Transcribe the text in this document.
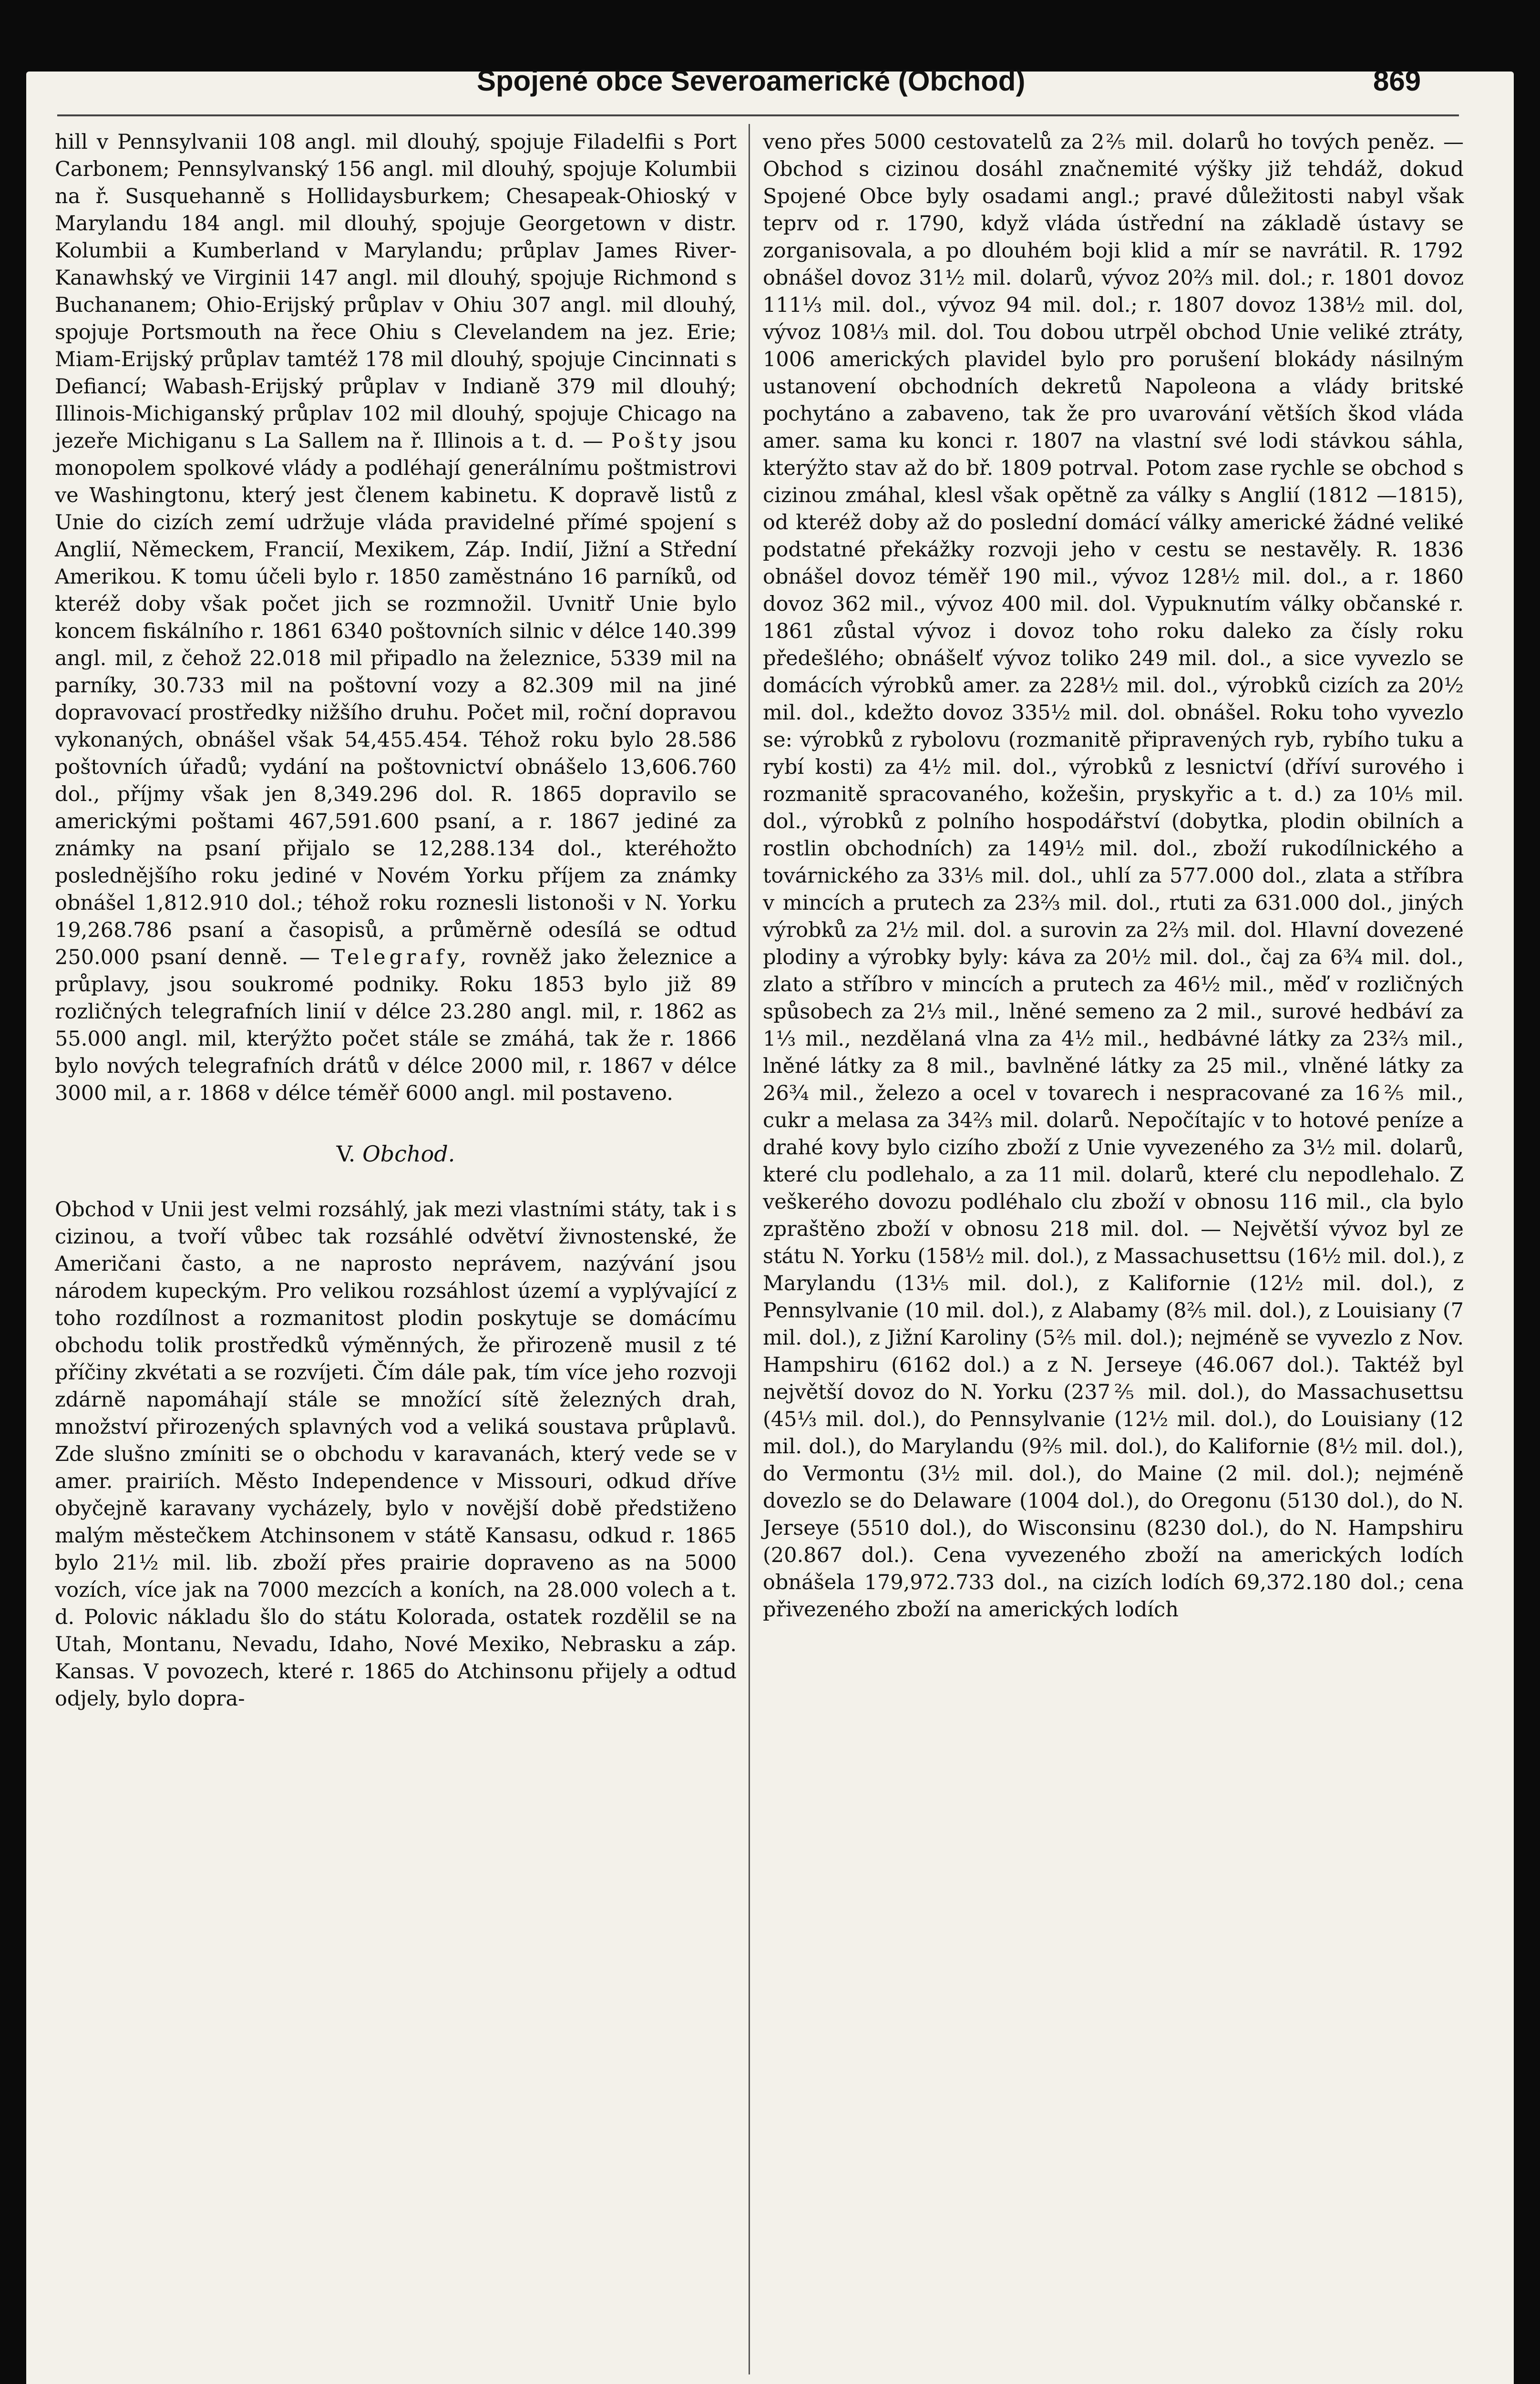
Spojené obce Severoamerické (Obchod)	869

hill v Pennsylvanii 108 angl. mil dlouhý, spojuje Filadelfii s Port Carbonem; Pennsylvanský 156 angl. mil dlouhý, spojuje Kolumbii na ř. Susquehanně s Hollidaysburkem; Chesapeak-Ohioský v Marylandu 184 angl. mil dlouhý, spojuje Georgetown v distr. Kolumbii a Kumberland v Marylandu; průplav James River-Kanawhský ve Virginii 147 angl. mil dlouhý, spojuje Richmond s Buchananem; Ohio-Erijský průplav v Ohiu 307 angl. mil dlouhý, spojuje Portsmouth na řece Ohiu s Clevelandem na jez. Erie; Miam-Erijský průplav tamtéž 178 mil dlouhý, spojuje Cincinnati s Defiancí; Wabash-Erijský průplav v Indianě 379 mil dlouhý; Illinois-Michiganský průplav 102 mil dlouhý, spojuje Chicago na jezeře Michiganu s La Sallem na ř. Illinois a t. d. — Pošty jsou monopolem spolkové vlády a podléhají generálnímu poštmistrovi ve Washingtonu, který jest členem kabinetu. K dopravě listů z Unie do cizích zemí udržuje vláda pravidelné přímé spojení s Anglií, Německem, Francií, Mexikem, Záp. Indií, Jižní a Střední Amerikou. K tomu účeli bylo r. 1850 zaměstnáno 16 parníků, od kteréž doby však počet jich se rozmnožil. Uvnitř Unie bylo koncem fiskálního r. 1861 6340 poštovních silnic v délce 140.399 angl. mil, z čehož 22.018 mil připadlo na železnice, 5339 mil na parníky, 30.733 mil na poštovní vozy a 82.309 mil na jiné dopravovací prostředky nižšího druhu. Počet mil, roční dopravou vykonaných, obnášel však 54,455.454. Téhož roku bylo 28.586 poštovních úřadů; vydání na poštovnictví obnášelo 13,606.760 dol., příjmy však jen 8,349.296 dol. R. 1865 dopravilo se americkými poštami 467,591.600 psaní, a r. 1867 jediné za známky na psaní přijalo se 12,288.134 dol., kteréhožto poslednějšího roku jediné v Novém Yorku příjem za známky obnášel 1,812.910 dol.; téhož roku roznesli listonoši v N. Yorku 19,268.786 psaní a časopisů, a průměrně odesílá se odtud 250.000 psaní denně. — Telegrafy, rovněž jako železnice a průplavy, jsou soukromé podniky. Roku 1853 bylo již 89 rozličných telegrafních linií v délce 23.280 angl. mil, r. 1862 as 55.000 angl. mil, kterýžto počet stále se zmáhá, tak že r. 1866 bylo nových telegrafních drátů v délce 2000 mil, r. 1867 v délce 3000 mil, a r. 1868 v délce téměř 6000 angl. mil postaveno.

V. Obchod.

Obchod v Unii jest velmi rozsáhlý, jak mezi vlastními státy, tak i s cizinou, a tvoří vůbec tak rozsáhlé odvětví živnostenské, že Američani často, a ne naprosto neprávem, nazývání jsou národem kupeckým. Pro velikou rozsáhlost území a vyplývající z toho rozdílnost a rozmanitost plodin poskytuje se domácímu obchodu tolik prostředků výměnných, že přirozeně musil z té příčiny zkvétati a se rozvíjeti. Čím dále pak, tím více jeho rozvoji zdárně napomáhají stále se množící sítě železných drah, množství přirozených splavných vod a veliká soustava průplavů. Zde slušno zmíniti se o obchodu v karavanách, který vede se v amer. prairiích. Město Independence v Missouri, odkud dříve obyčejně karavany vycházely, bylo v novější době předstiženo malým městečkem Atchinsonem v státě Kansasu, odkud r. 1865 bylo 21½ mil. lib. zboží přes prairie dopraveno as na 5000 vozích, více jak na 7000 mezcích a koních, na 28.000 volech a t. d. Polovic nákladu šlo do státu Kolorada, ostatek rozdělil se na Utah, Montanu, Nevadu, Idaho, Nové Mexiko, Nebrasku a záp. Kansas. V povozech, které r. 1865 do Atchinsonu přijely a odtud odjely, bylo dopra-

veno přes 5000 cestovatelů za 2⅖ mil. dolarů ho tových peněz. — Obchod s cizinou dosáhl značnemité výšky již tehdáž, dokud Spojené Obce byly osadami angl.; pravé důležitosti nabyl však teprv od r. 1790, když vláda ústřední na základě ústavy se zorganisovala, a po dlouhém boji klid a mír se navrátil. R. 1792 obnášel dovoz 31½ mil. dolarů, vývoz 20⅔ mil. dol.; r. 1801 dovoz 111⅓ mil. dol., vývoz 94 mil. dol.; r. 1807 dovoz 138½ mil. dol, vývoz 108⅓ mil. dol. Tou dobou utrpěl obchod Unie veliké ztráty, 1006 amerických plavidel bylo pro porušení blokády násilným ustanovení obchodních dekretů Napoleona a vlády britské pochytáno a zabaveno, tak že pro uvarování větších škod vláda amer. sama ku konci r. 1807 na vlastní své lodi stávkou sáhla, kterýžto stav až do bř. 1809 potrval. Potom zase rychle se obchod s cizinou zmáhal, klesl však opětně za války s Anglií (1812 —1815), od kteréž doby až do poslední domácí války americké žádné veliké podstatné překážky rozvoji jeho v cestu se nestavěly. R. 1836 obnášel dovoz téměř 190 mil., vývoz 128½ mil. dol., a r. 1860 dovoz 362 mil., vývoz 400 mil. dol. Vypuknutím války občanské r. 1861 zůstal vývoz i dovoz toho roku daleko za čísly roku předešlého; obnášelť vývoz toliko 249 mil. dol., a sice vyvezlo se domácích výrobků amer. za 228½ mil. dol., výrobků cizích za 20½ mil. dol., kdežto dovoz 335½ mil. dol. obnášel. Roku toho vyvezlo se: výrobků z rybolovu (rozmanitě připravených ryb, rybího tuku a rybí kosti) za 4½ mil. dol., výrobků z lesnictví (dříví surového i rozmanitě spracovaného, kožešin, pryskyřic a t. d.) za 10⅕ mil. dol., výrobků z polního hospodářství (dobytka, plodin obilních a rostlin obchodních) za 149½ mil. dol., zboží rukodílnického a továrnického za 33⅕ mil. dol., uhlí za 577.000 dol., zlata a stříbra v mincích a prutech za 23⅔ mil. dol., rtuti za 631.000 dol., jiných výrobků za 2½ mil. dol. a surovin za 2⅔ mil. dol. Hlavní dovezené plodiny a výrobky byly: káva za 20½ mil. dol., čaj za 6¾ mil. dol., zlato a stříbro v mincích a prutech za 46½ mil., měď v rozličných spůsobech za 2⅓ mil., lněné semeno za 2 mil., surové hedbáví za 1⅓ mil., nezdělaná vlna za 4½ mil., hedbávné látky za 23⅔ mil., lněné látky za 8 mil., bavlněné látky za 25 mil., vlněné látky za 26¾ mil., železo a ocel v tovarech i nespracované za 16⅖ mil., cukr a melasa za 34⅔ mil. dolarů. Nepočítajíc v to hotové peníze a drahé kovy bylo cizího zboží z Unie vyvezeného za 3½ mil. dolarů, které clu podlehalo, a za 11 mil. dolarů, které clu nepodlehalo. Z veškerého dovozu podléhalo clu zboží v obnosu 116 mil., cla bylo zpraštěno zboží v obnosu 218 mil. dol. — Největší vývoz byl ze státu N. Yorku (158½ mil. dol.), z Massachusettsu (16½ mil. dol.), z Marylandu (13⅕ mil. dol.), z Kalifornie (12½ mil. dol.), z Pennsylvanie (10 mil. dol.), z Alabamy (8⅖ mil. dol.), z Louisiany (7 mil. dol.), z Jižní Karoliny (5⅖ mil. dol.); nejméně se vyvezlo z Nov. Hampshiru (6162 dol.) a z N. Jerseye (46.067 dol.). Taktéž byl největší dovoz do N. Yorku (237⅖ mil. dol.), do Massachusettsu (45⅓ mil. dol.), do Pennsylvanie (12½ mil. dol.), do Louisiany (12 mil. dol.), do Marylandu (9⅖ mil. dol.), do Kalifornie (8½ mil. dol.), do Vermontu (3½ mil. dol.), do Maine (2 mil. dol.); nejméně dovezlo se do Delaware (1004 dol.), do Oregonu (5130 dol.), do N. Jerseye (5510 dol.), do Wisconsinu (8230 dol.), do N. Hampshiru (20.867 dol.). Cena vyvezeného zboží na amerických lodích obnášela 179,972.733 dol., na cizích lodích 69,372.180 dol.; cena přivezeného zboží na amerických lodích
